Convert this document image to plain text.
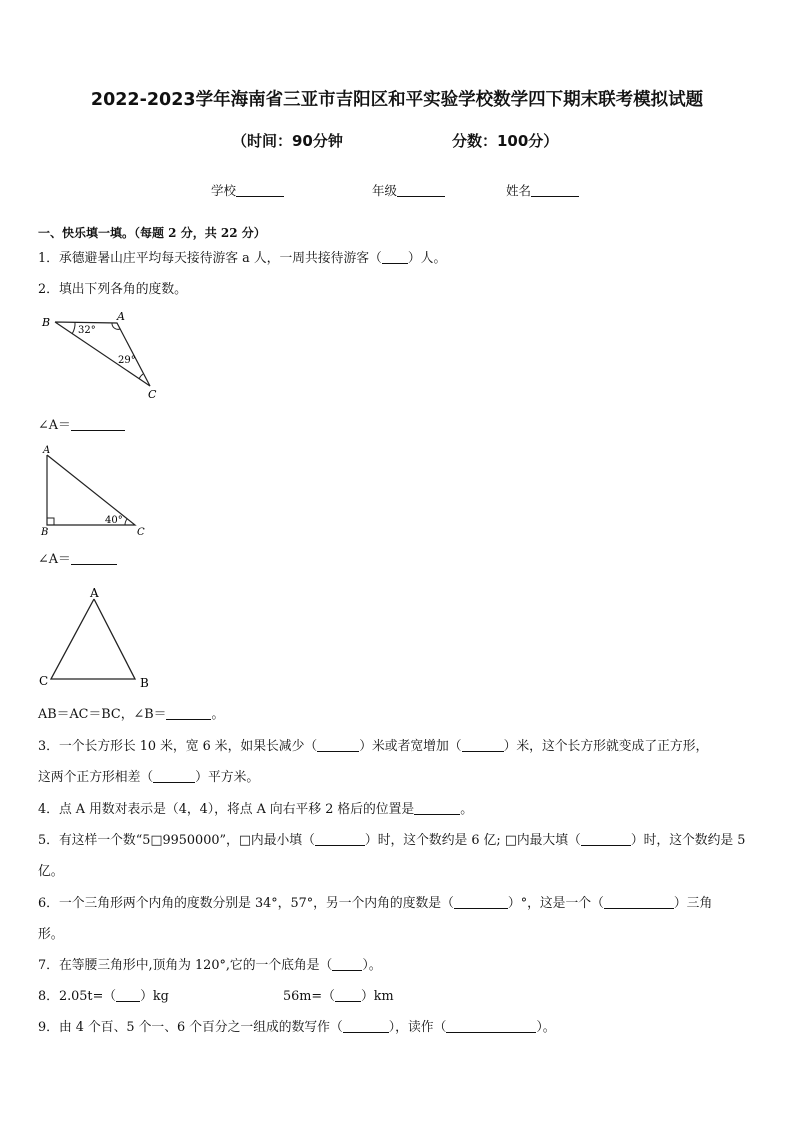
2022-2023学年海南省三亚市吉阳区和平实验学校数学四下期末联考模拟试题
（时间：90分钟	分数：100分）
学校	年级	姓名
一、快乐填一填。（每题 2 分，共 22 分）
1．承德避暑山庄平均每天接待游客 a 人，一周共接待游客（ ）人。
2．填出下列各角的度数。
B	A
C
32°
29°
∠A＝
A
B	C
40°
∠A＝
A
C	B
AB＝AC＝BC，∠B＝	。
3．一个长方形长 10 米，宽 6 米，如果长减少（	）米或者宽增加（	）米，这个长方形就变成了正方形，
这两个正方形相差（	）平方米。
4．点 A 用数对表示是（4，4），将点 A 向右平移 2 格后的位置是	。
5．有这样一个数“5□9950000”，□内最小填（	）时，这个数约是 6 亿; □内最大填（	）时，这个数约是 5
亿。
6．一个三角形两个内角的度数分别是 34°，57°，另一个内角的度数是（	）°，这是一个（	）三角
形。
7．在等腰三角形中,顶角为 120°,它的一个底角是（ ）。
8．2.05t=（ ）kg	56m=（ ）km
9．由 4 个百、5 个一、6 个百分之一组成的数写作（	），读作（	）。
